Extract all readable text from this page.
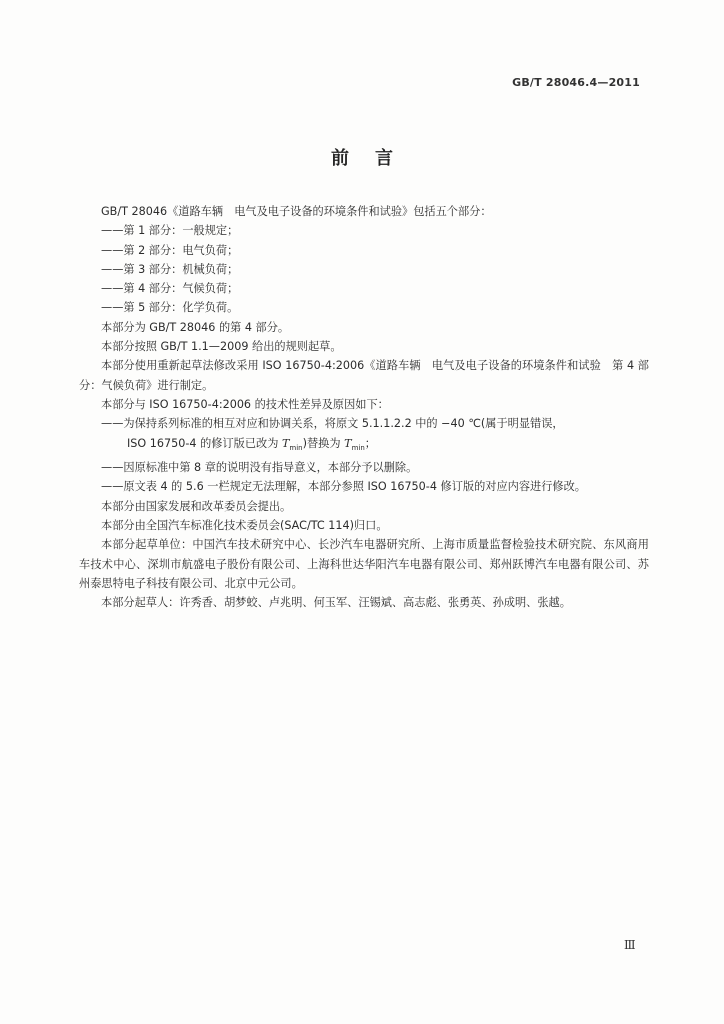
GB/T 28046.4—2011
前言

GB/T 28046《道路车辆　电气及电子设备的环境条件和试验》包括五个部分：

——第 1 部分：一般规定；

——第 2 部分：电气负荷；

——第 3 部分：机械负荷；

——第 4 部分：气候负荷；

——第 5 部分：化学负荷。

本部分为 GB/T 28046 的第 4 部分。

本部分按照 GB/T 1.1—2009 给出的规则起草。

本部分使用重新起草法修改采用 ISO 16750-4:2006《道路车辆　电气及电子设备的环境条件和试验　第 4 部分：气候负荷》进行制定。

本部分与 ISO 16750-4:2006 的技术性差异及原因如下：

——为保持系列标准的相互对应和协调关系，将原文 5.1.1.2.2 中的 −40 ℃(属于明显错误，

ISO 16750-4 的修订版已改为 $T_{min}$)替换为 $T_{min}$；

——因原标准中第 8 章的说明没有指导意义，本部分予以删除。

——原文表 4 的 5.6 一栏规定无法理解，本部分参照 ISO 16750-4 修订版的对应内容进行修改。

本部分由国家发展和改革委员会提出。

本部分由全国汽车标准化技术委员会(SAC/TC 114)归口。

本部分起草单位：中国汽车技术研究中心、长沙汽车电器研究所、上海市质量监督检验技术研究院、东风商用车技术中心、深圳市航盛电子股份有限公司、上海科世达华阳汽车电器有限公司、郑州跃博汽车电器有限公司、苏州泰思特电子科技有限公司、北京中元公司。

本部分起草人：许秀香、胡梦蛟、卢兆明、何玉军、汪锡斌、高志彪、张勇英、孙成明、张越。

Ⅲ
